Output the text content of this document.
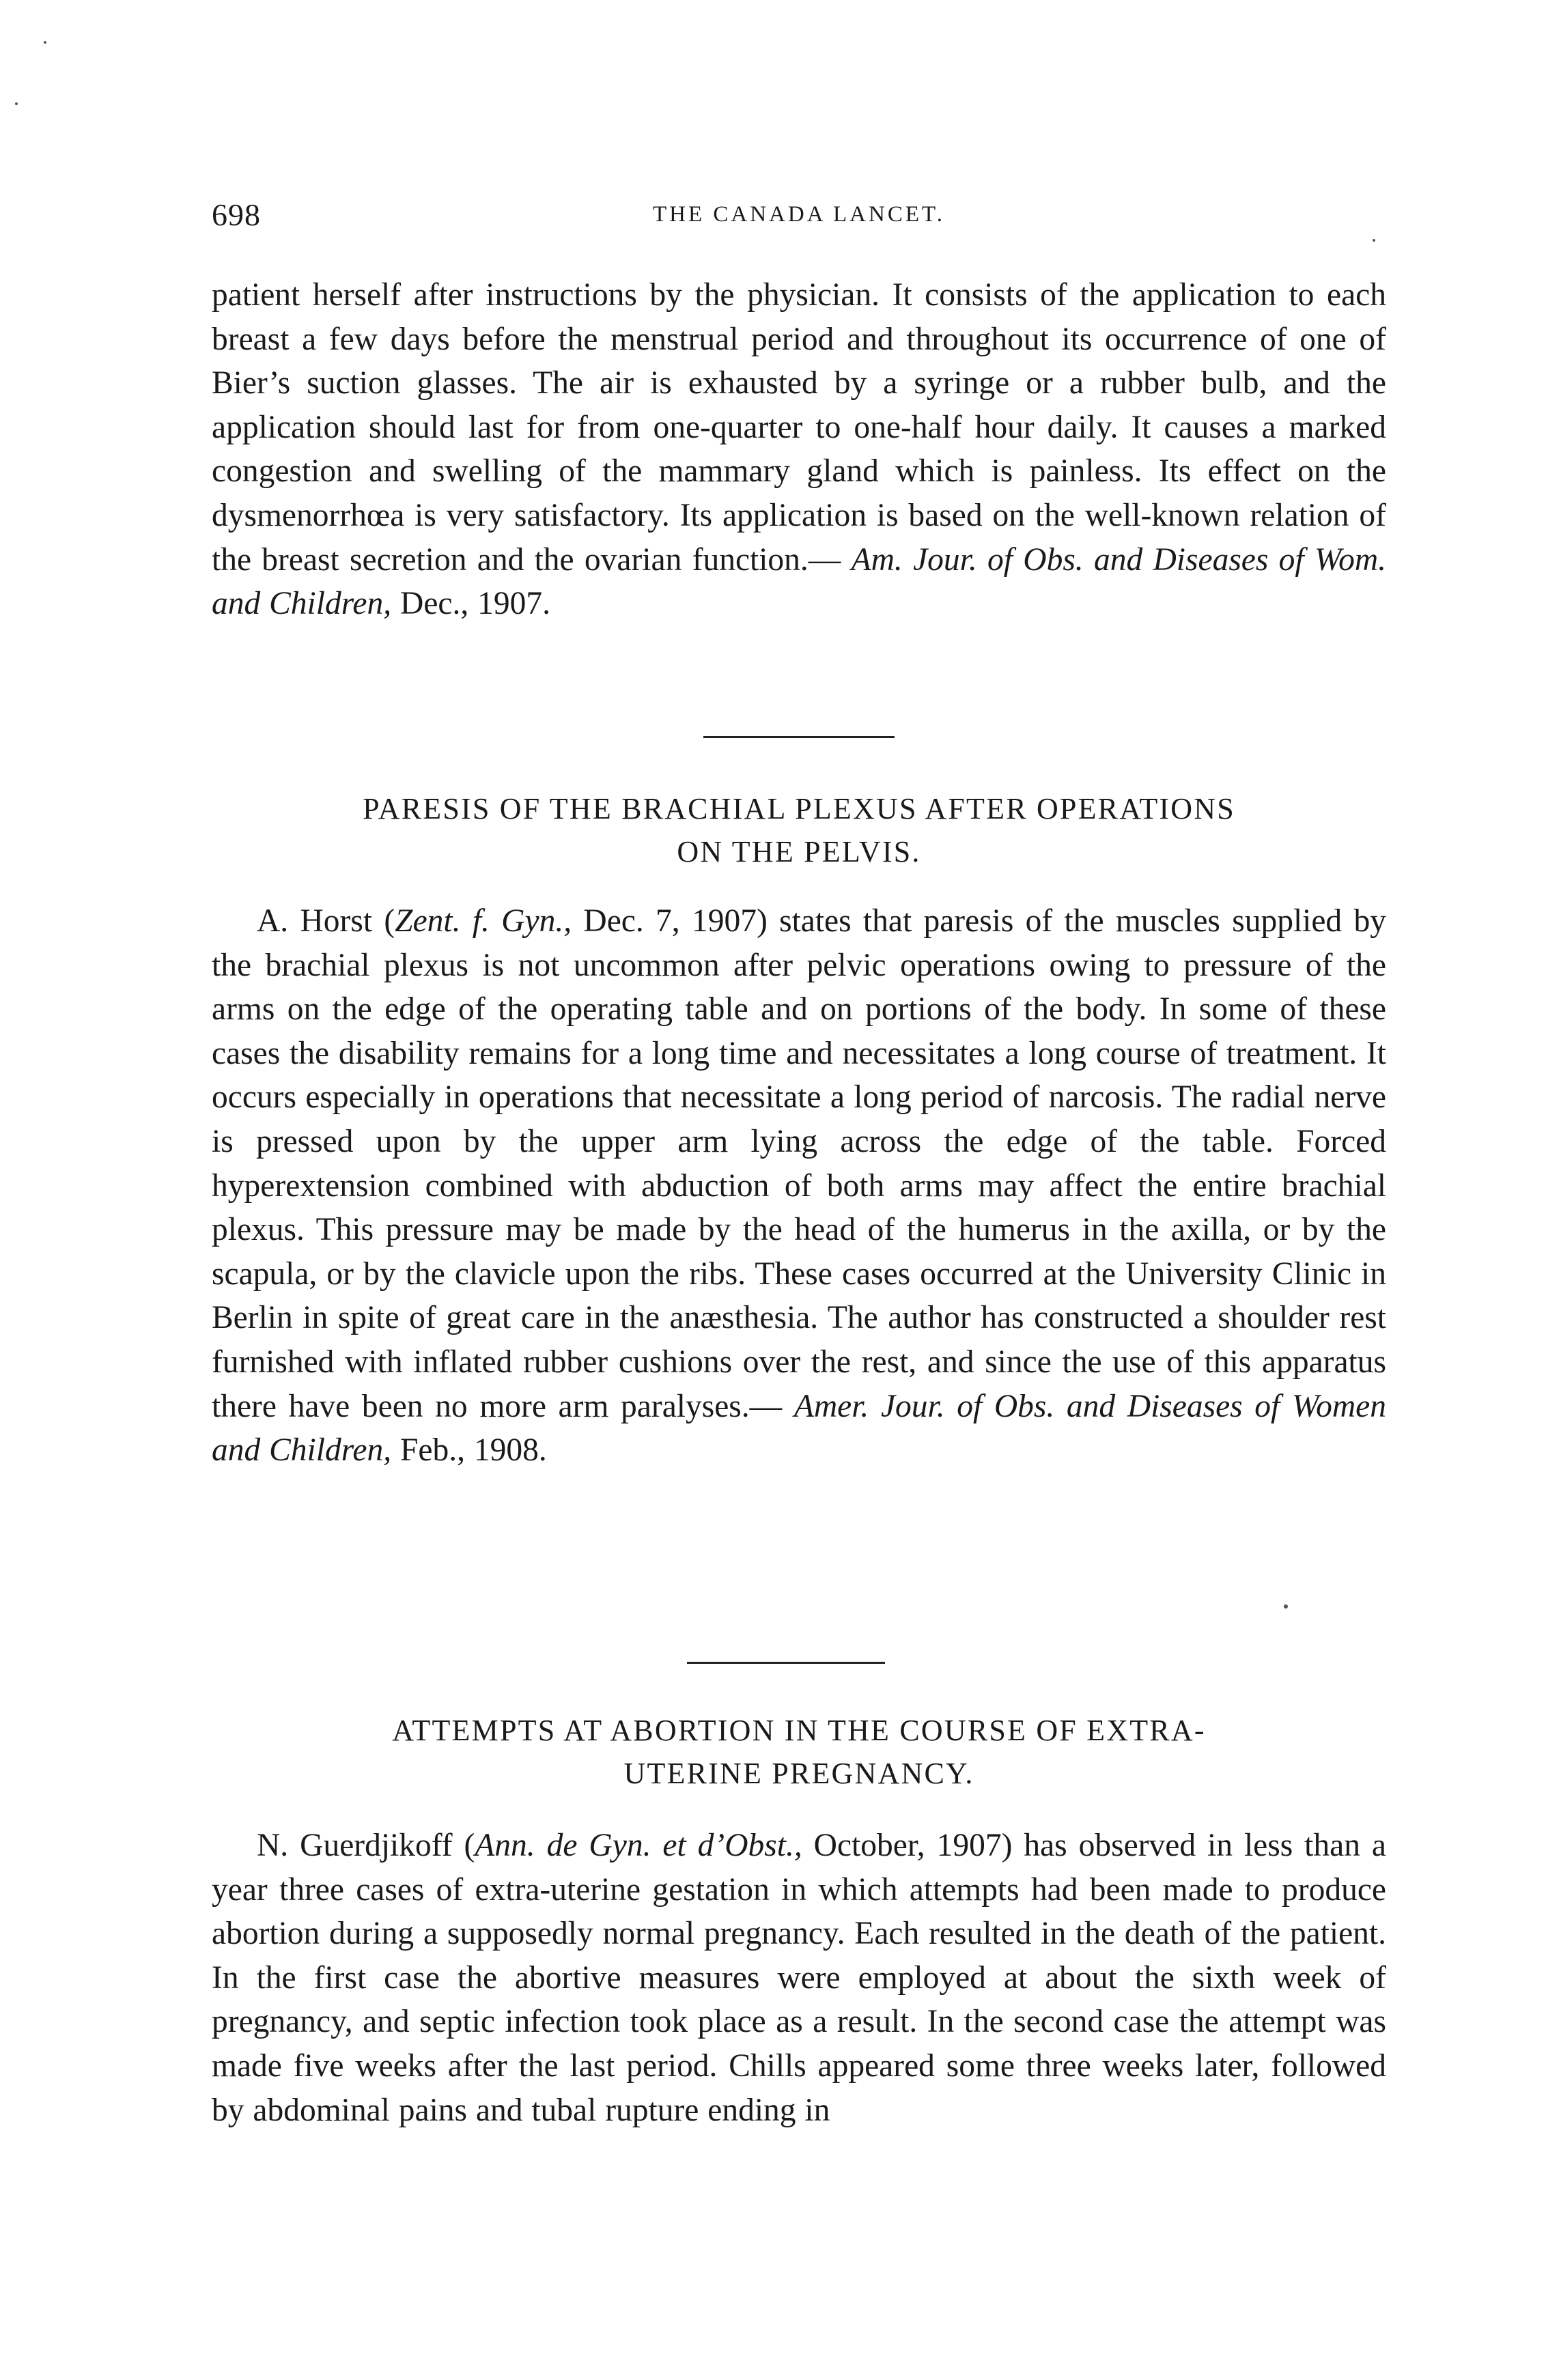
698	THE CANADA LANCET.

patient herself after instructions by the physician. It consists of the application to each breast a few days before the menstrual period and throughout its occurrence of one of Bier’s suction glasses. The air is exhausted by a syringe or a rubber bulb, and the application should last for from one-quarter to one-half hour daily. It causes a marked congestion and swelling of the mammary gland which is painless. Its effect on the dysmenorrhœa is very satisfactory. Its application is based on the well-known relation of the breast secretion and the ovarian function.— Am. Jour. of Obs. and Diseases of Wom. and Children, Dec., 1907.

PARESIS OF THE BRACHIAL PLEXUS AFTER OPERATIONS
ON THE PELVIS.

A. Horst (Zent. f. Gyn., Dec. 7, 1907) states that paresis of the muscles supplied by the brachial plexus is not uncommon after pelvic operations owing to pressure of the arms on the edge of the operating table and on portions of the body. In some of these cases the disability remains for a long time and necessitates a long course of treatment. It occurs especially in operations that necessitate a long period of narcosis. The radial nerve is pressed upon by the upper arm lying across the edge of the table. Forced hyperextension combined with abduction of both arms may affect the entire brachial plexus. This pressure may be made by the head of the humerus in the axilla, or by the scapula, or by the clavicle upon the ribs. These cases occurred at the University Clinic in Berlin in spite of great care in the anæsthesia. The author has constructed a shoulder rest furnished with inflated rubber cushions over the rest, and since the use of this apparatus there have been no more arm paralyses.— Amer. Jour. of Obs. and Diseases of Women and Children, Feb., 1908.

ATTEMPTS AT ABORTION IN THE COURSE OF EXTRA-
UTERINE PREGNANCY.

N. Guerdjikoff (Ann. de Gyn. et d’Obst., October, 1907) has observed in less than a year three cases of extra-uterine gestation in which attempts had been made to produce abortion during a supposedly normal pregnancy. Each resulted in the death of the patient. In the first case the abortive measures were employed at about the sixth week of pregnancy, and septic infection took place as a result. In the second case the attempt was made five weeks after the last period. Chills appeared some three weeks later, followed by abdominal pains and tubal rupture ending in
